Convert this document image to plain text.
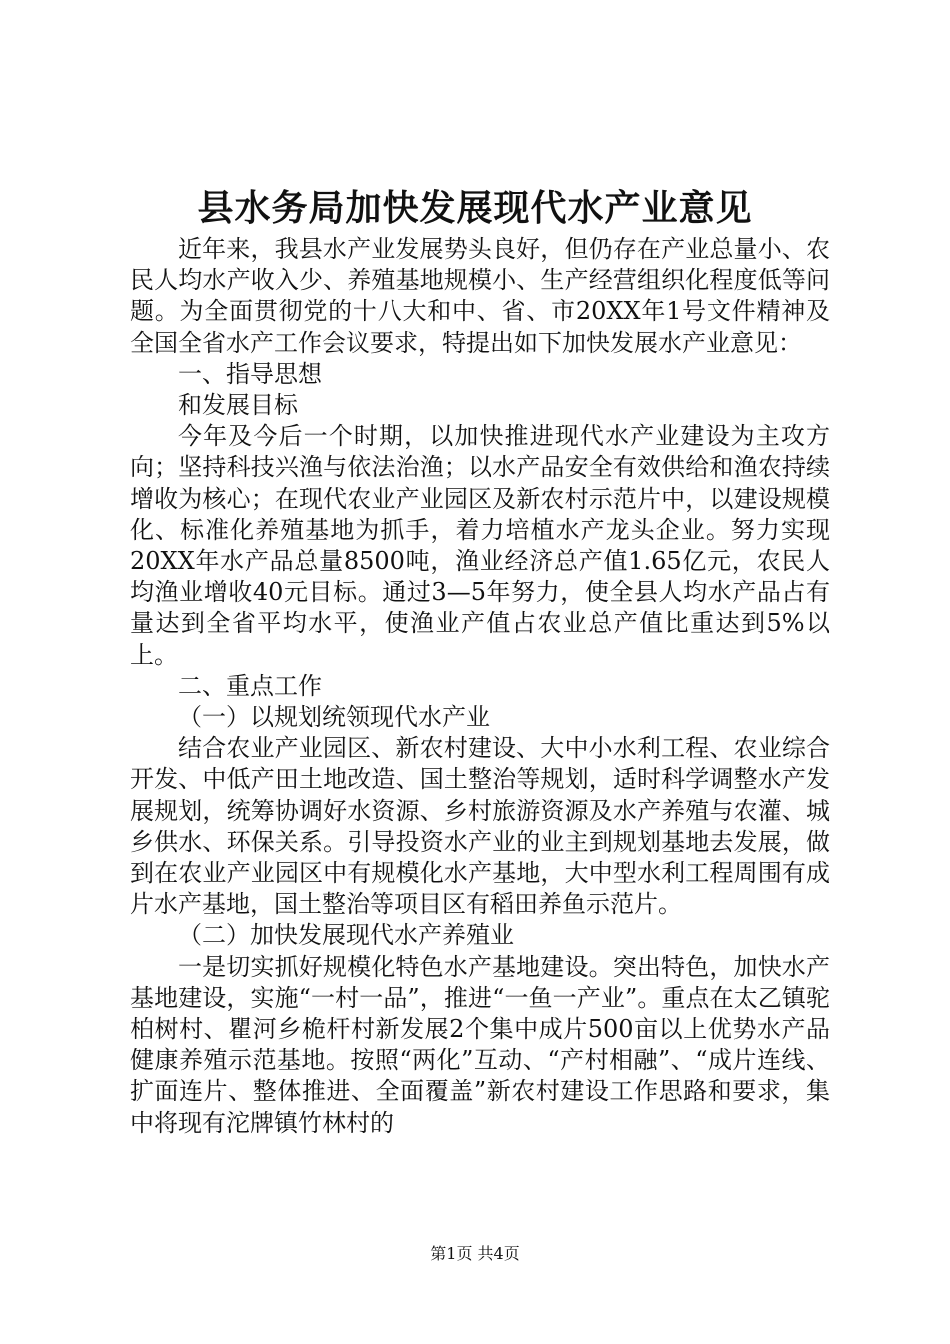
县水务局加快发展现代水产业意见

近年来，我县水产业发展势头良好，但仍存在产业总量小、农民人均水产收入少、养殖基地规模小、生产经营组织化程度低等问题。为全面贯彻党的十八大和中、省、市20XX年1号文件精神及全国全省水产工作会议要求，特提出如下加快发展水产业意见：

一、指导思想

和发展目标

今年及今后一个时期，以加快推进现代水产业建设为主攻方向；坚持科技兴渔与依法治渔；以水产品安全有效供给和渔农持续增收为核心；在现代农业产业园区及新农村示范片中，以建设规模化、标准化养殖基地为抓手，着力培植水产龙头企业。努力实现20XX年水产品总量8500吨，渔业经济总产值1.65亿元，农民人均渔业增收40元目标。通过3—5年努力，使全县人均水产品占有量达到全省平均水平，使渔业产值占农业总产值比重达到5%以上。

二、重点工作

（一）以规划统领现代水产业

结合农业产业园区、新农村建设、大中小水利工程、农业综合开发、中低产田土地改造、国土整治等规划，适时科学调整水产发展规划，统筹协调好水资源、乡村旅游资源及水产养殖与农灌、城乡供水、环保关系。引导投资水产业的业主到规划基地去发展，做到在农业产业园区中有规模化水产基地，大中型水利工程周围有成片水产基地，国土整治等项目区有稻田养鱼示范片。

（二）加快发展现代水产养殖业

一是切实抓好规模化特色水产基地建设。突出特色，加快水产基地建设，实施“一村一品”，推进“一鱼一产业”。重点在太乙镇驼柏树村、瞿河乡桅杆村新发展2个集中成片500亩以上优势水产品健康养殖示范基地。按照“两化”互动、“产村相融”、“成片连线、扩面连片、整体推进、全面覆盖”新农村建设工作思路和要求，集中将现有沱牌镇竹林村的

第1页 共4页
